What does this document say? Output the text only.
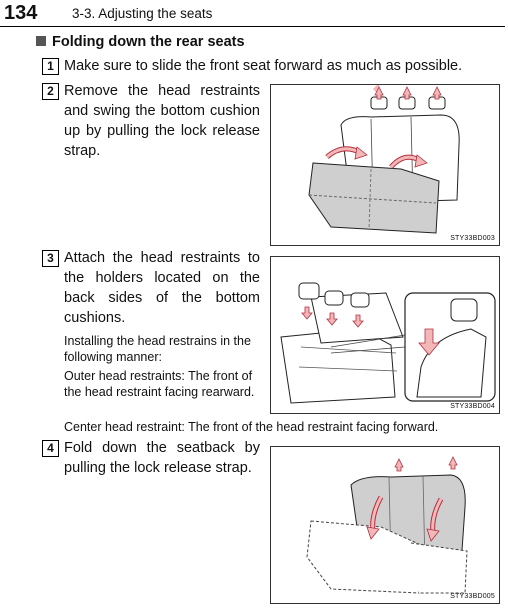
134	3-3. Adjusting the seats
Folding down the rear seats
1 Make sure to slide the front seat forward as much as possible.
2 Remove the head restraints and swing the bottom cushion up by pulling the lock release strap.
STY33BD003
3 Attach the head restraints to the holders located on the back sides of the bottom cushions.
Installing the head restrains in the following manner:
Outer head restraints: The front of the head restraint facing rearward.
Center head restraint: The front of the head restraint facing forward.
STY33BD004
4 Fold down the seatback by pulling the lock release strap.
STY33BD005
